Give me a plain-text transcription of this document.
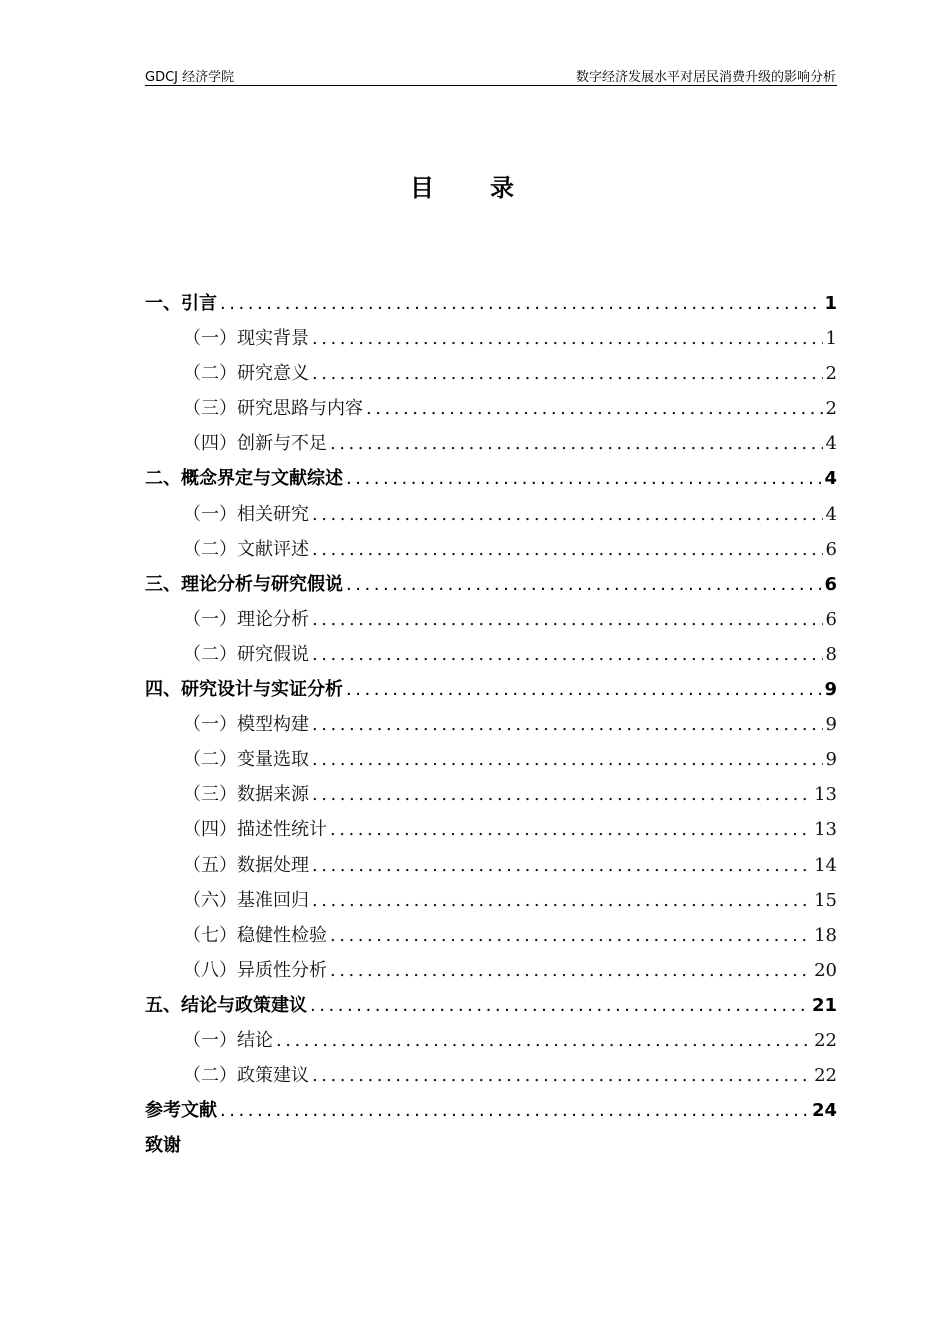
GDCJ 经济学院	数字经济发展水平对居民消费升级的影响分析
目录
一、引言 . . .	1
（一）现实背景 . . .	1
（二）研究意义 . . .	2
（三）研究思路与内容 . . .	2
（四）创新与不足 . . .	4
二、概念界定与文献综述 . . .	4
（一）相关研究 . . .	4
（二）文献评述 . . .	6
三、理论分析与研究假说 . . .	6
（一）理论分析 . . .	6
（二）研究假说 . . .	8
四、研究设计与实证分析 . . .	9
（一）模型构建 . . .	9
（二）变量选取 . . .	9
（三）数据来源 . . .	13
（四）描述性统计 . . .	13
（五）数据处理 . . .	14
（六）基准回归 . . .	15
（七）稳健性检验 . . .	18
（八）异质性分析 . . .	20
五、结论与政策建议 . . .	21
（一）结论 . . .	22
（二）政策建议 . . .	22
参考文献 . . .	24
致谢
